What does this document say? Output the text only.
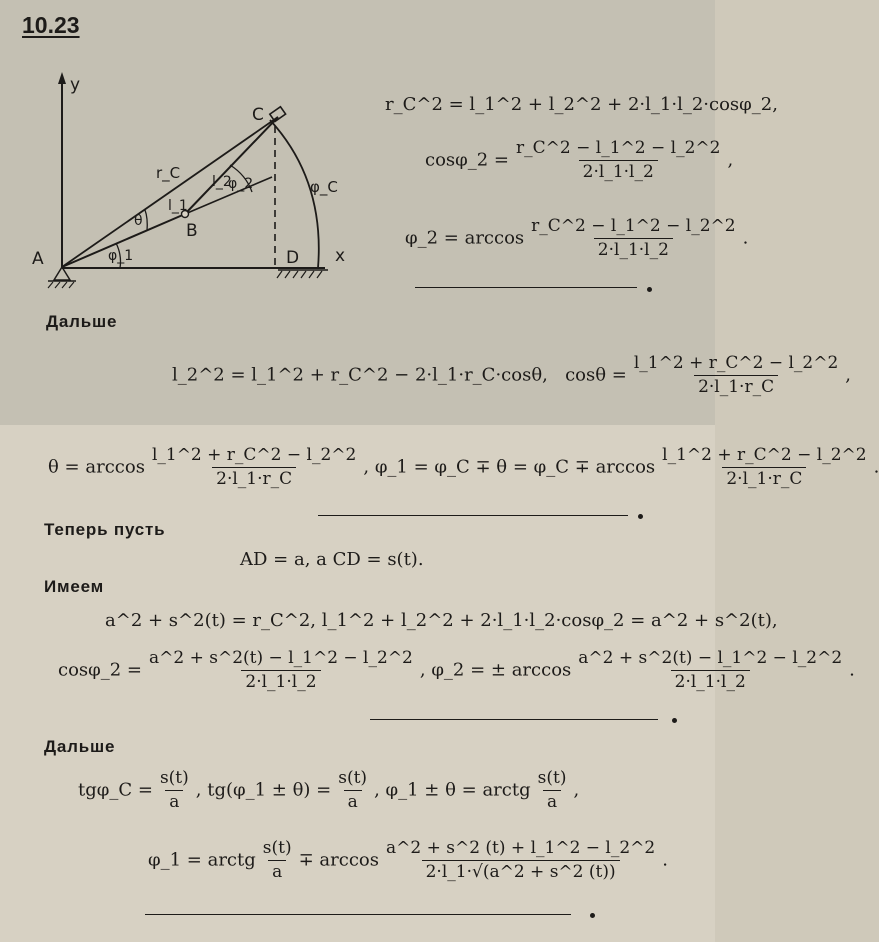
10.23
y
x
A
B
C
D
r_C
l_1
l_2
φ_1
θ
φ_2	φ_C
r_C^2 = l_1^2 + l_2^2 + 2·l_1·l_2·cosφ_2,
cosφ_2 = $\frac{r\_C\^{}2 - l\_1\^{}2 - l\_2\^{}2}{2\cdot l\_1\cdot l\_2}$ ,
φ_2 = $\arccos \frac{r\_C\^{}2 - l\_1\^{}2 - l\_2\^{}2}{2\cdot l\_1\cdot l\_2}$ .
Дальше
l_2^2 = l_1^2 + r_C^2 − 2·l_1·r_C·cosθ, $\cos\theta = \frac{l\_1\^{}2 + r\_C\^{}2 - l\_2\^{}2}{2\cdot l\_1\cdot r\_C}$ ,
$\theta = \arccos \frac{l\_1\^{}2 + r\_C\^{}2 - l\_2\^{}2}{2\cdot l\_1\cdot r\_C}$ , φ_1 = φ_C ∓ θ = φ_C ∓ $\arccos \frac{l\_1\^{}2 + r\_C\^{}2 - l\_2\^{}2}{2\cdot l\_1\cdot r\_C}$ .
Теперь пусть
AD = a, a CD = s(t).
Имеем
a^2 + s^2(t) = r_C^2, l_1^2 + l_2^2 + 2·l_1·l_2·cosφ_2 = a^2 + s^2(t),
cosφ_2 = $\frac{a\^{}2 + s\^{}2(t) - l\_1\^{}2 - l\_2\^{}2}{2\cdot l\_1\cdot l\_2}$ , φ_2 = ± $\arccos \frac{a\^{}2 + s\^{}2(t) - l\_1\^{}2 - l\_2\^{}2}{2\cdot l\_1\cdot l\_2}$ .
Дальше
tgφ_C = $\frac{s(t)}{a}$ , tg(φ_1 ± $\theta) = \frac{s(t)}{a}$ , φ_1 ± θ = arctg $\frac{s(t)}{a}$ ,
φ_1 = arctg $\frac{s(t)}{a} \mp \arccos \frac{a\^{}2 + s\^{}2 (t) + l\_1\^{}2 - l\_2\^{}2}{2\cdot l\_1\cdot√(a\^{}2 + s\^{}2 (t))}$ .
